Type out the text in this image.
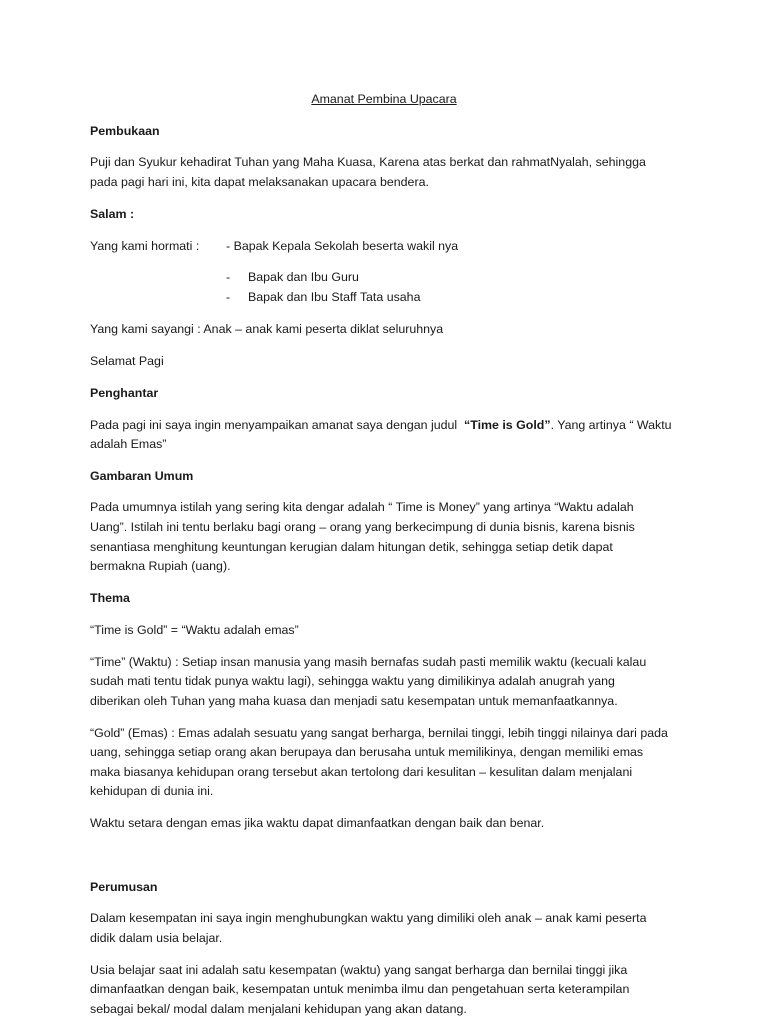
Amanat Pembina Upacara

Pembukaan

Puji dan Syukur kehadirat Tuhan yang Maha Kuasa, Karena atas berkat dan rahmatNyalah, sehingga

pada pagi hari ini, kita dapat melaksanakan upacara bendera.

Salam :

Yang kami hormati : - Bapak Kepala Sekolah beserta wakil nya

- Bapak dan Ibu Guru

- Bapak dan Ibu Staff Tata usaha

Yang kami sayangi : Anak – anak kami peserta diklat seluruhnya

Selamat Pagi

Penghantar

Pada pagi ini saya ingin menyampaikan amanat saya dengan judul  “Time is Gold”. Yang artinya “ Waktu

adalah Emas”

Gambaran Umum

Pada umumnya istilah yang sering kita dengar adalah “ Time is Money” yang artinya “Waktu adalah

Uang”. Istilah ini tentu berlaku bagi orang – orang yang berkecimpung di dunia bisnis, karena bisnis

senantiasa menghitung keuntungan kerugian dalam hitungan detik, sehingga setiap detik dapat

bermakna Rupiah (uang).

Thema

“Time is Gold” = “Waktu adalah emas”

“Time” (Waktu) : Setiap insan manusia yang masih bernafas sudah pasti memilik waktu (kecuali kalau

sudah mati tentu tidak punya waktu lagi), sehingga waktu yang dimilikinya adalah anugrah yang

diberikan oleh Tuhan yang maha kuasa dan menjadi satu kesempatan untuk memanfaatkannya.

“Gold” (Emas) : Emas adalah sesuatu yang sangat berharga, bernilai tinggi, lebih tinggi nilainya dari pada

uang, sehingga setiap orang akan berupaya dan berusaha untuk memilikinya, dengan memiliki emas

maka biasanya kehidupan orang tersebut akan tertolong dari kesulitan – kesulitan dalam menjalani

kehidupan di dunia ini.

Waktu setara dengan emas jika waktu dapat dimanfaatkan dengan baik dan benar.

Perumusan

Dalam kesempatan ini saya ingin menghubungkan waktu yang dimiliki oleh anak – anak kami peserta

didik dalam usia belajar.

Usia belajar saat ini adalah satu kesempatan (waktu) yang sangat berharga dan bernilai tinggi jika

dimanfaatkan dengan baik, kesempatan untuk menimba ilmu dan pengetahuan serta keterampilan

sebagai bekal/ modal dalam menjalani kehidupan yang akan datang.
